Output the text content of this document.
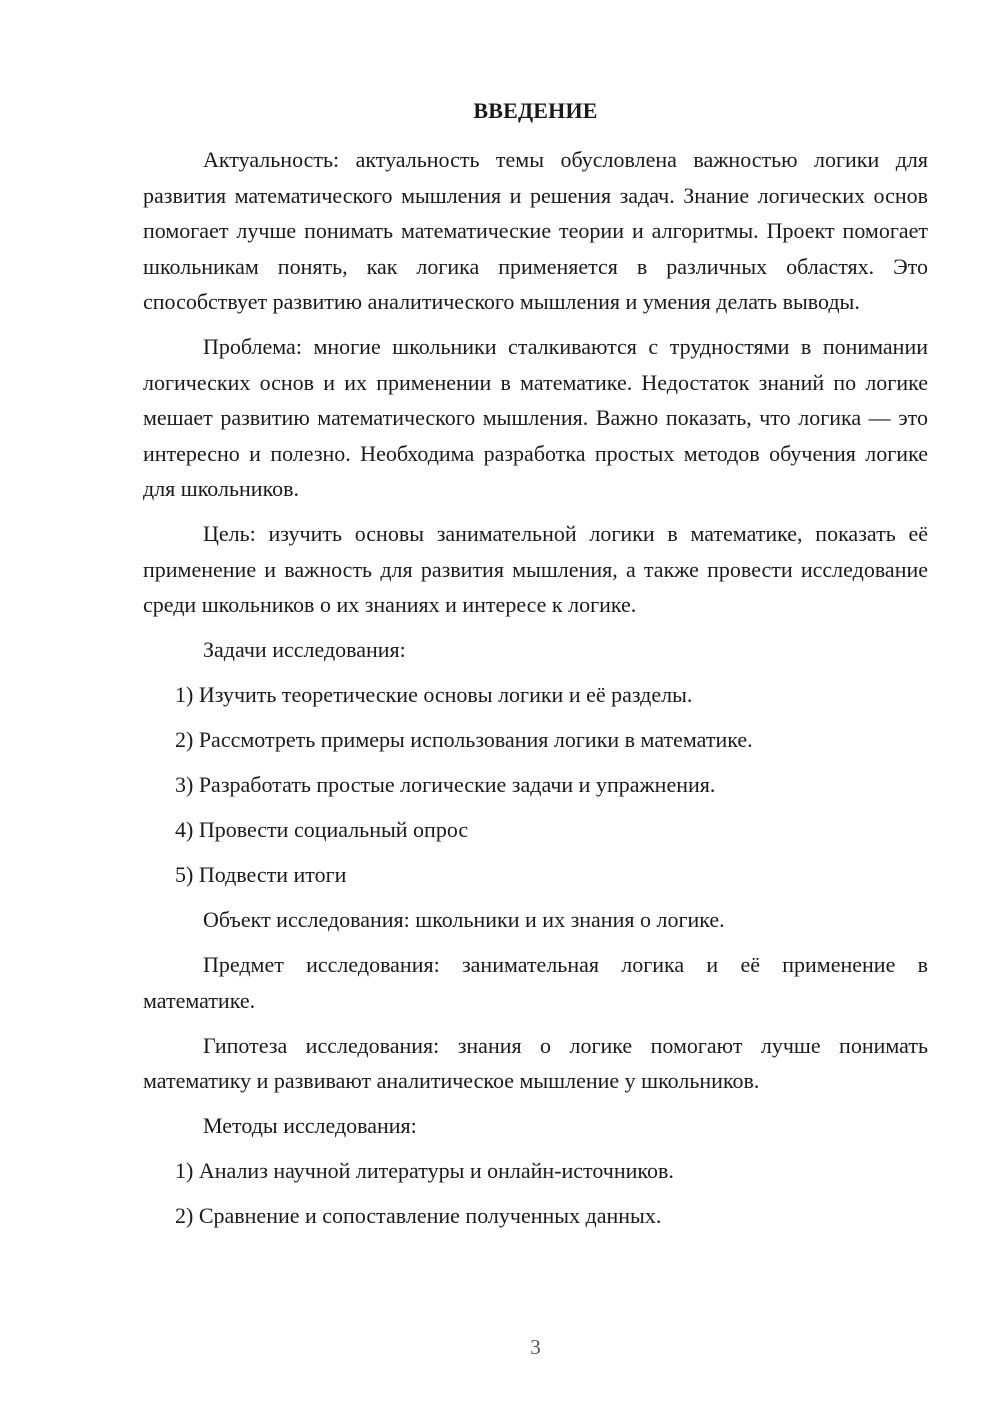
ВВЕДЕНИЕ

Актуальность: актуальность темы обусловлена важностью логики для развития математического мышления и решения задач. Знание логических основ помогает лучше понимать математические теории и алгоритмы. Проект помогает школьникам понять, как логика применяется в различных областях. Это способствует развитию аналитического мышления и умения делать выводы.

Проблема: многие школьники сталкиваются с трудностями в понимании логических основ и их применении в математике. Недостаток знаний по логике мешает развитию математического мышления. Важно показать, что логика — это интересно и полезно. Необходима разработка простых методов обучения логике для школьников.

Цель: изучить основы занимательной логики в математике, показать её применение и важность для развития мышления, а также провести исследование среди школьников о их знаниях и интересе к логике.

Задачи исследования:

1) Изучить теоретические основы логики и её разделы.

2) Рассмотреть примеры использования логики в математике.

3) Разработать простые логические задачи и упражнения.

4) Провести социальный опрос

5) Подвести итоги

Объект исследования: школьники и их знания о логике.

Предмет исследования: занимательная логика и её применение в математике.

Гипотеза исследования: знания о логике помогают лучше понимать математику и развивают аналитическое мышление у школьников.

Методы исследования:

1) Анализ научной литературы и онлайн-источников.

2) Сравнение и сопоставление полученных данных.

3
